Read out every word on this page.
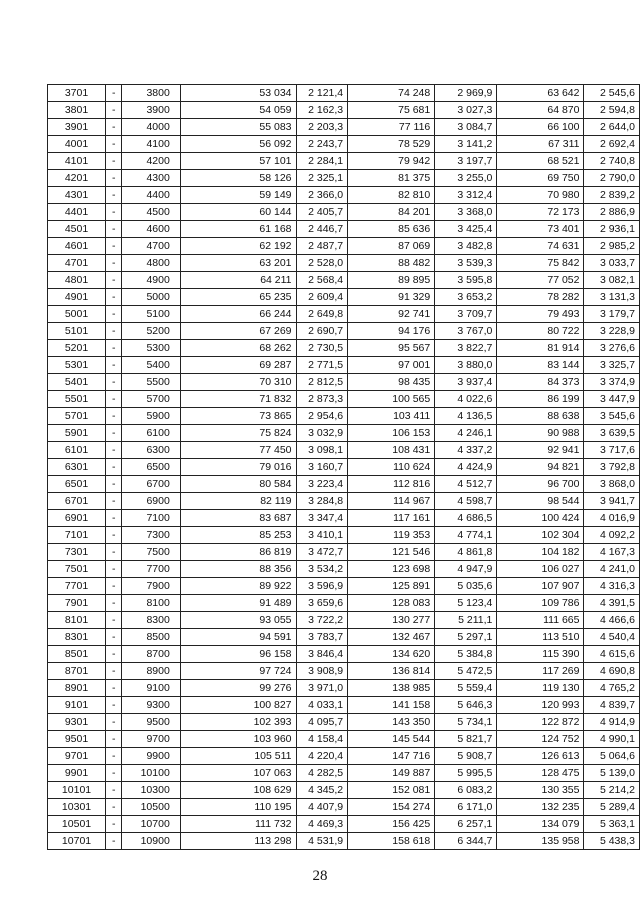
3701	-	3800	53 034	2 121,4	74 248	2 969,9	63 642	2 545,6
3801	-	3900	54 059	2 162,3	75 681	3 027,3	64 870	2 594,8
3901	-	4000	55 083	2 203,3	77 116	3 084,7	66 100	2 644,0
4001	-	4100	56 092	2 243,7	78 529	3 141,2	67 311	2 692,4
4101	-	4200	57 101	2 284,1	79 942	3 197,7	68 521	2 740,8
4201	-	4300	58 126	2 325,1	81 375	3 255,0	69 750	2 790,0
4301	-	4400	59 149	2 366,0	82 810	3 312,4	70 980	2 839,2
4401	-	4500	60 144	2 405,7	84 201	3 368,0	72 173	2 886,9
4501	-	4600	61 168	2 446,7	85 636	3 425,4	73 401	2 936,1
4601	-	4700	62 192	2 487,7	87 069	3 482,8	74 631	2 985,2
4701	-	4800	63 201	2 528,0	88 482	3 539,3	75 842	3 033,7
4801	-	4900	64 211	2 568,4	89 895	3 595,8	77 052	3 082,1
4901	-	5000	65 235	2 609,4	91 329	3 653,2	78 282	3 131,3
5001	-	5100	66 244	2 649,8	92 741	3 709,7	79 493	3 179,7
5101	-	5200	67 269	2 690,7	94 176	3 767,0	80 722	3 228,9
5201	-	5300	68 262	2 730,5	95 567	3 822,7	81 914	3 276,6
5301	-	5400	69 287	2 771,5	97 001	3 880,0	83 144	3 325,7
5401	-	5500	70 310	2 812,5	98 435	3 937,4	84 373	3 374,9
5501	-	5700	71 832	2 873,3	100 565	4 022,6	86 199	3 447,9
5701	-	5900	73 865	2 954,6	103 411	4 136,5	88 638	3 545,6
5901	-	6100	75 824	3 032,9	106 153	4 246,1	90 988	3 639,5
6101	-	6300	77 450	3 098,1	108 431	4 337,2	92 941	3 717,6
6301	-	6500	79 016	3 160,7	110 624	4 424,9	94 821	3 792,8
6501	-	6700	80 584	3 223,4	112 816	4 512,7	96 700	3 868,0
6701	-	6900	82 119	3 284,8	114 967	4 598,7	98 544	3 941,7
6901	-	7100	83 687	3 347,4	117 161	4 686,5	100 424	4 016,9
7101	-	7300	85 253	3 410,1	119 353	4 774,1	102 304	4 092,2
7301	-	7500	86 819	3 472,7	121 546	4 861,8	104 182	4 167,3
7501	-	7700	88 356	3 534,2	123 698	4 947,9	106 027	4 241,0
7701	-	7900	89 922	3 596,9	125 891	5 035,6	107 907	4 316,3
7901	-	8100	91 489	3 659,6	128 083	5 123,4	109 786	4 391,5
8101	-	8300	93 055	3 722,2	130 277	5 211,1	111 665	4 466,6
8301	-	8500	94 591	3 783,7	132 467	5 297,1	113 510	4 540,4
8501	-	8700	96 158	3 846,4	134 620	5 384,8	115 390	4 615,6
8701	-	8900	97 724	3 908,9	136 814	5 472,5	117 269	4 690,8
8901	-	9100	99 276	3 971,0	138 985	5 559,4	119 130	4 765,2
9101	-	9300	100 827	4 033,1	141 158	5 646,3	120 993	4 839,7
9301	-	9500	102 393	4 095,7	143 350	5 734,1	122 872	4 914,9
9501	-	9700	103 960	4 158,4	145 544	5 821,7	124 752	4 990,1
9701	-	9900	105 511	4 220,4	147 716	5 908,7	126 613	5 064,6
9901	-	10100	107 063	4 282,5	149 887	5 995,5	128 475	5 139,0
10101	-	10300	108 629	4 345,2	152 081	6 083,2	130 355	5 214,2
10301	-	10500	110 195	4 407,9	154 274	6 171,0	132 235	5 289,4
10501	-	10700	111 732	4 469,3	156 425	6 257,1	134 079	5 363,1
10701	-	10900	113 298	4 531,9	158 618	6 344,7	135 958	5 438,3
28
